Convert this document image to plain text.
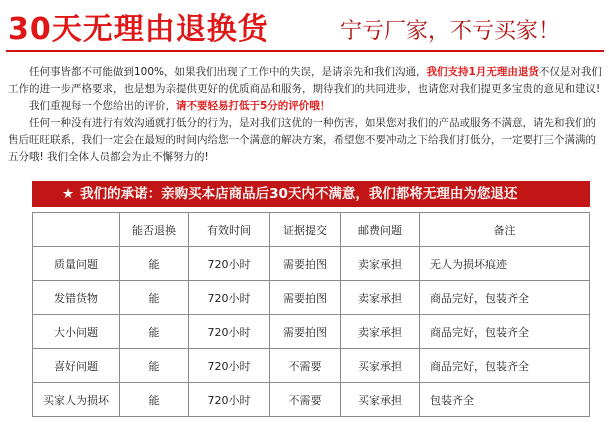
30天无理由退换货	宁亏厂家，不亏买家！

　　任何事皆都不可能做到100%，如果我们出现了工作中的失误，是请亲先和我们沟通，我们支持1月无理由退货不仅是对我们工作的进一步严格要求，也是想为亲提供更好的优质商品和服务，期待我们的共同进步，也请您对我们提更多宝贵的意见和建议!

　　我们重视每一个您给出的评价，请不要轻易打低于5分的评价哦！

　　任何一种没有进行有效沟通就打低分的行为，是对我们这优的一种伤害，如果您对我们的产品或服务不满意，请先和我们的售后旺旺联系，我们一定会在最短的时间内给您一个满意的解决方案，希望您不要冲动之下给我们打低分，一定要打三个满满的五分哦! 我们全体人员都会为止不懈努力的!

★ 我们的承诺：亲购买本店商品后30天内不满意，我们都将无理由为您退还
	能否退换	有效时间	证据提交	邮费问题	备注
质量问题	能	720小时	需要拍图	卖家承担	无人为损坏痕迹
发错货物	能	720小时	需要拍图	卖家承担	商品完好，包装齐全
大小问题	能	720小时	需要拍图	卖家承担	商品完好，包装齐全
喜好问题	能	720小时	不需要	买家承担	商品完好，包装齐全
买家人为损坏	能	720小时	不需要	买家承担	包装齐全
